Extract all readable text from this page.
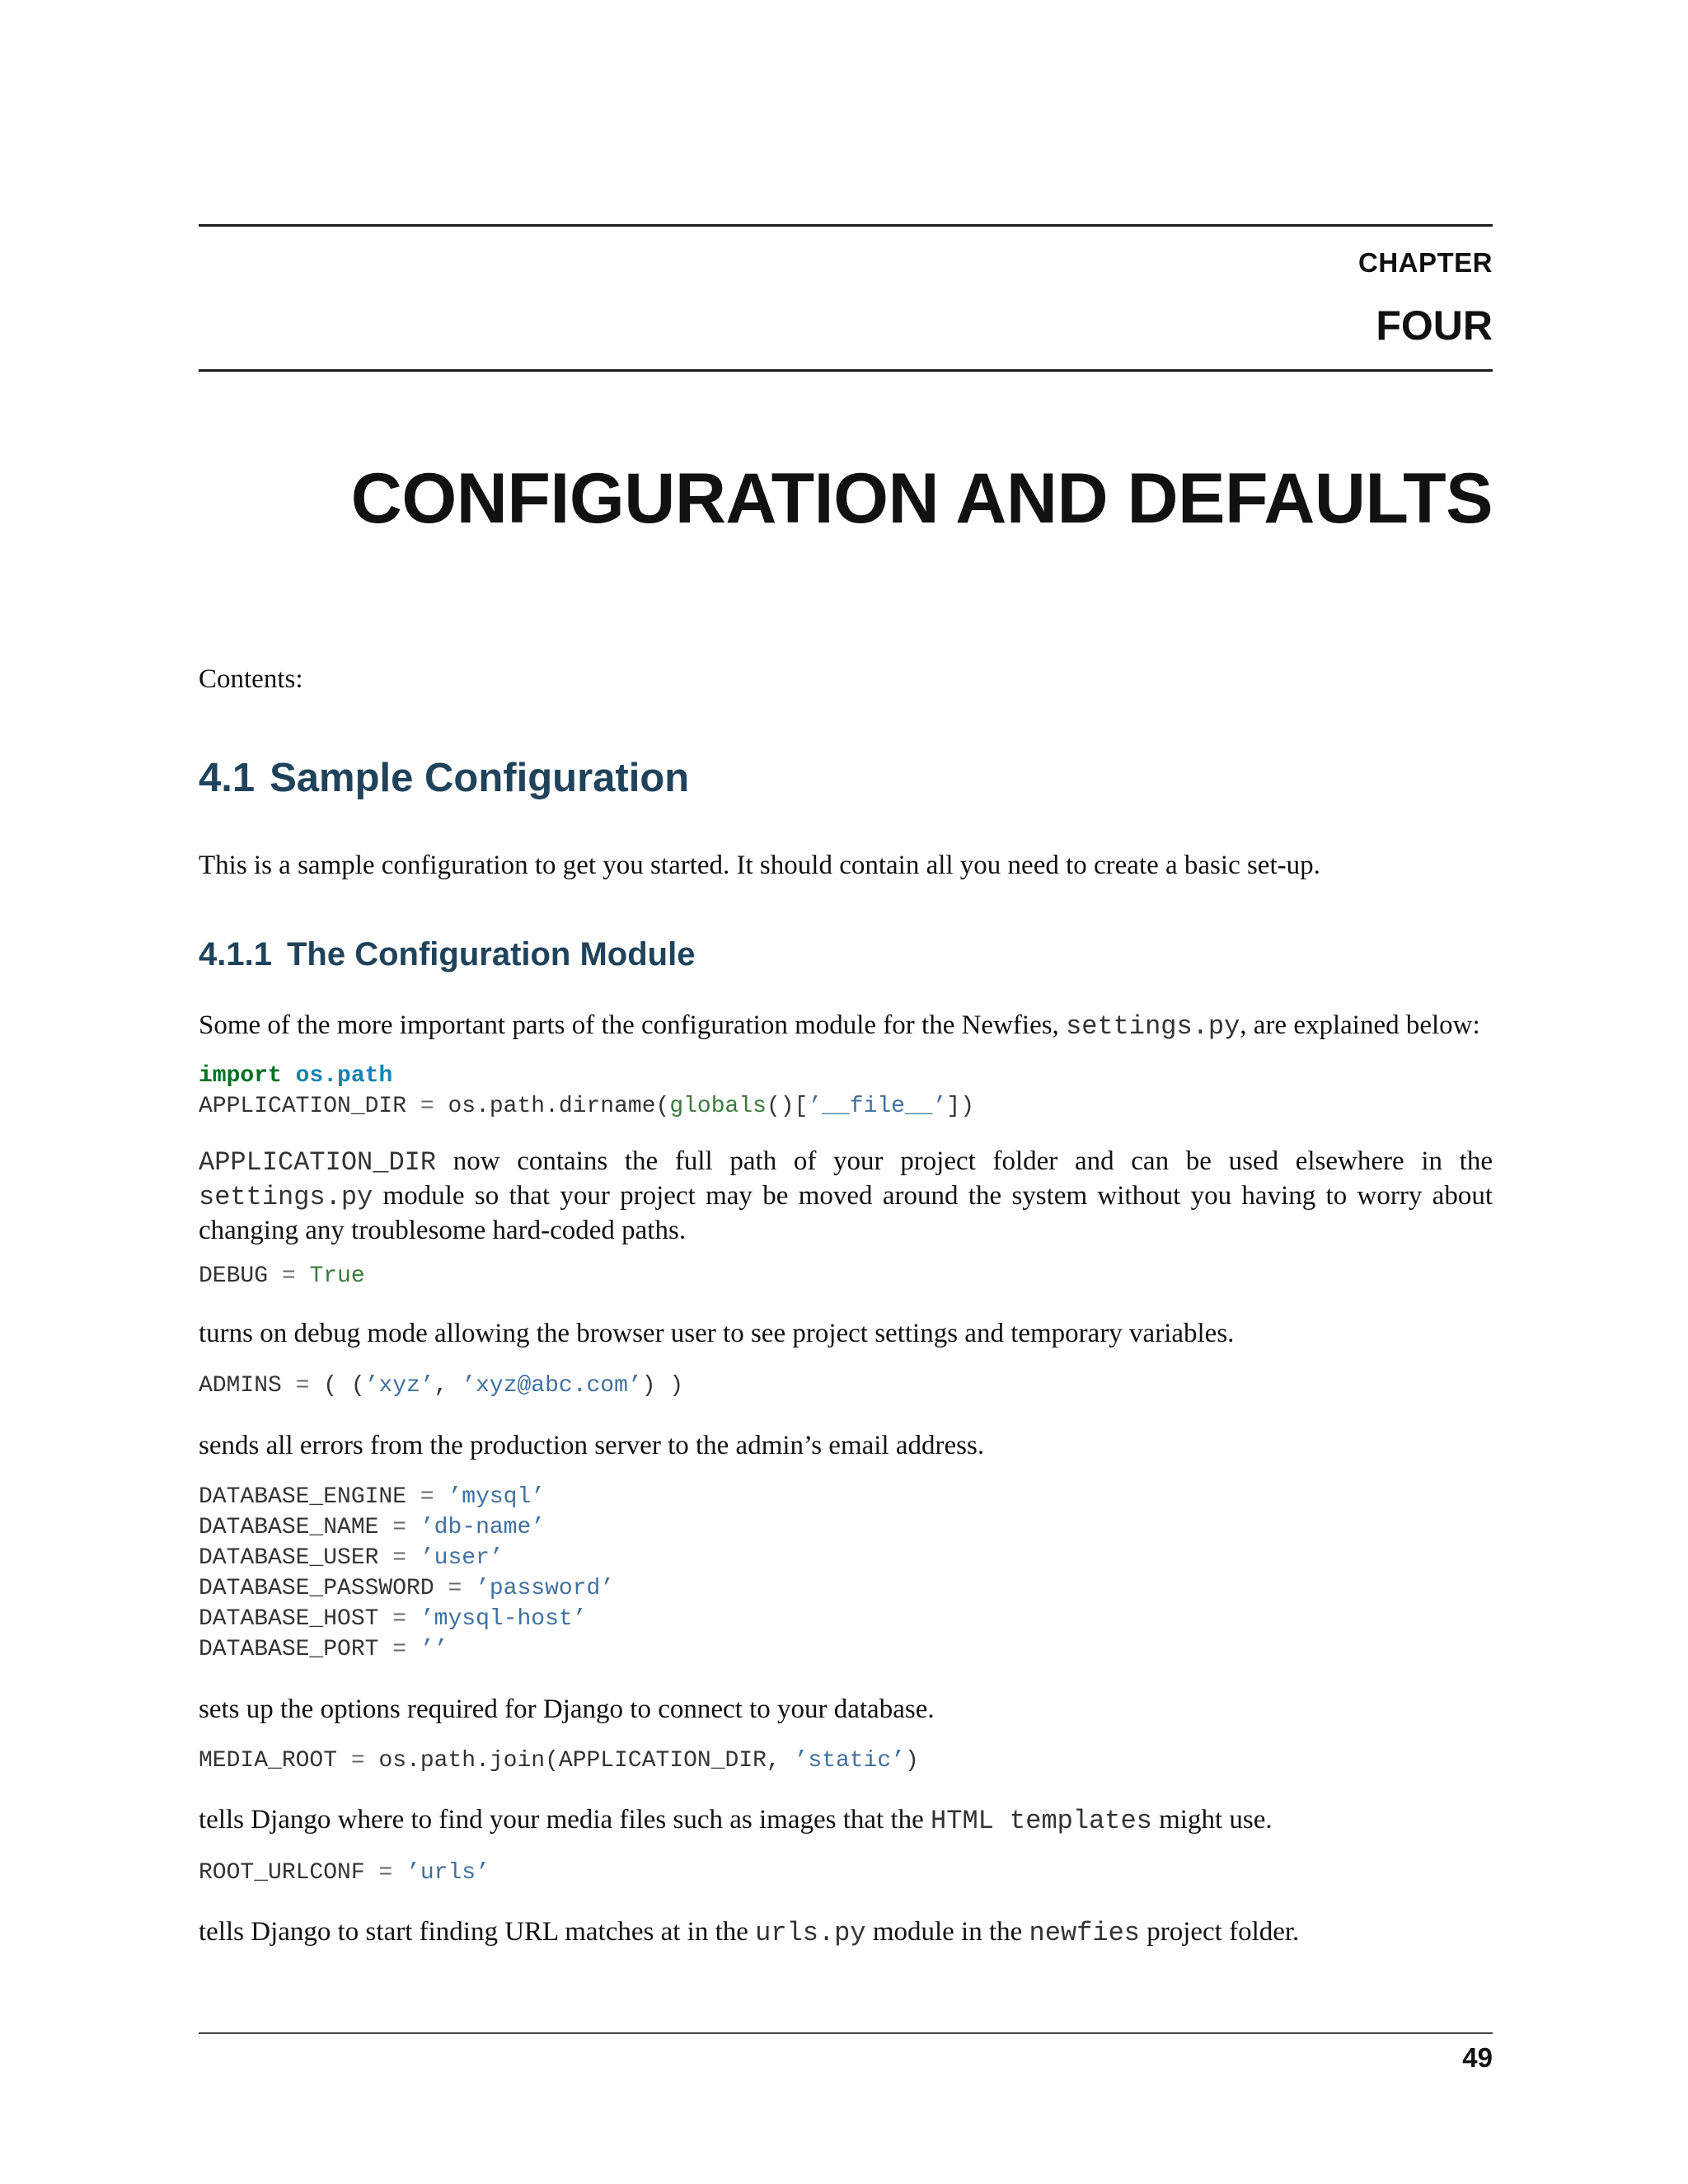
CHAPTER
FOUR
CONFIGURATION AND DEFAULTS
Contents:
4.1 Sample Configuration
This is a sample configuration to get you started. It should contain all you need to create a basic set-up.
4.1.1 The Configuration Module
Some of the more important parts of the configuration module for the Newfies, settings.py, are explained below:
import os.path
APPLICATION_DIR = os.path.dirname(globals()[’__file__’])
APPLICATION_DIR now contains the full path of your project folder and can be used elsewhere in the settings.py module so that your project may be moved around the system without you having to worry about changing any troublesome hard-coded paths.
DEBUG = True
turns on debug mode allowing the browser user to see project settings and temporary variables.
ADMINS = ( (’xyz’, ’xyz@abc.com’) )
sends all errors from the production server to the admin’s email address.
DATABASE_ENGINE = ’mysql’
DATABASE_NAME = ’db-name’
DATABASE_USER = ’user’
DATABASE_PASSWORD = ’password’
DATABASE_HOST = ’mysql-host’
DATABASE_PORT = ’’
sets up the options required for Django to connect to your database.
MEDIA_ROOT = os.path.join(APPLICATION_DIR, ’static’)
tells Django where to find your media files such as images that the HTML templates might use.
ROOT_URLCONF = ’urls’
tells Django to start finding URL matches at in the urls.py module in the newfies project folder.
49
